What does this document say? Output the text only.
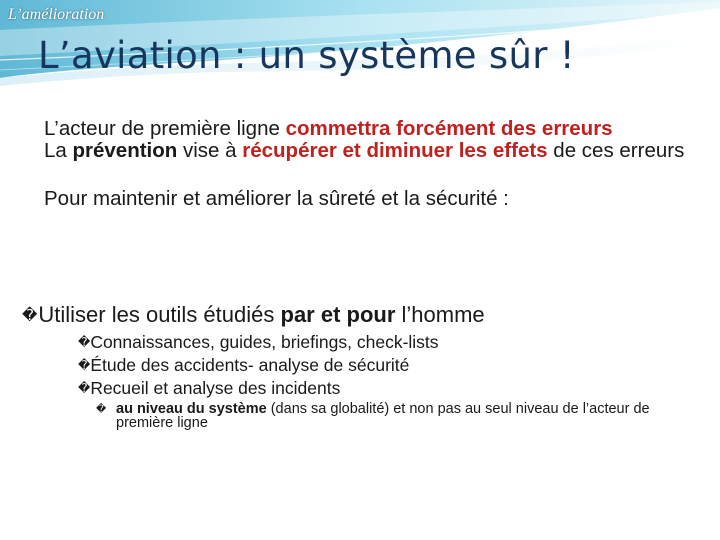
L’amélioration
L’aviation : un système sûr !

L’acteur de première ligne commettra forcément des erreurs

La prévention vise à récupérer et diminuer les effets de ces erreurs

Pour maintenir et améliorer la sûreté et la sécurité :

�Utiliser les outils étudiés par et pour l’homme

�Connaissances, guides, briefings, check-lists
�Étude des accidents- analyse de sécurité
�Recueil et analyse des incidents

� au niveau du système (dans sa globalité) et non pas au seul niveau de l’acteur de première ligne
